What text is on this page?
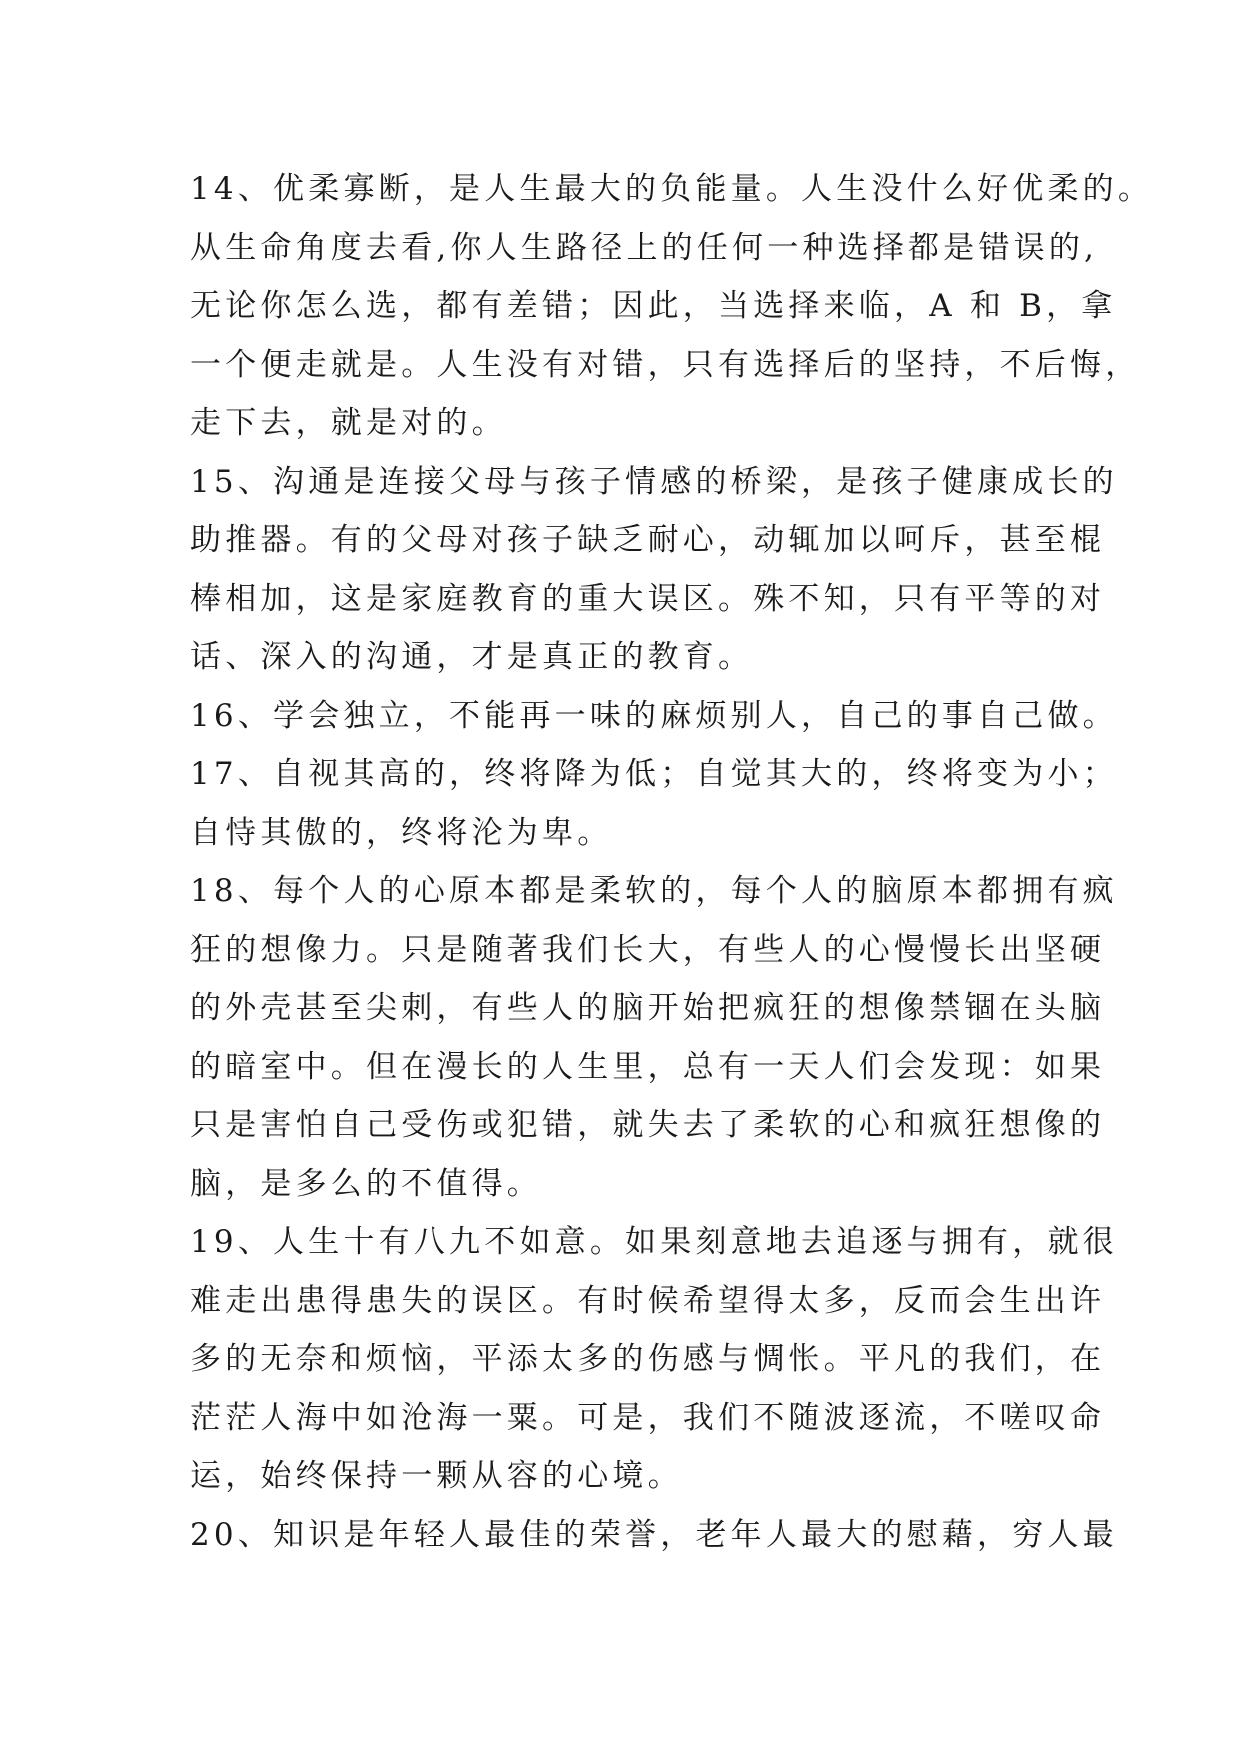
14、优柔寡断，是人生最大的负能量。人生没什么好优柔的。
从生命角度去看,你人生路径上的任何一种选择都是错误的,
无论你怎么选，都有差错；因此，当选择来临，A 和 B，拿
一个便走就是。人生没有对错，只有选择后的坚持，不后悔，
走下去，就是对的。
15、沟通是连接父母与孩子情感的桥梁，是孩子健康成长的
助推器。有的父母对孩子缺乏耐心，动辄加以呵斥，甚至棍
棒相加，这是家庭教育的重大误区。殊不知，只有平等的对
话、深入的沟通，才是真正的教育。
16、学会独立，不能再一味的麻烦别人，自己的事自己做。
17、自视其高的，终将降为低；自觉其大的，终将变为小；
自恃其傲的，终将沦为卑。
18、每个人的心原本都是柔软的，每个人的脑原本都拥有疯
狂的想像力。只是随著我们长大，有些人的心慢慢长出坚硬
的外壳甚至尖刺，有些人的脑开始把疯狂的想像禁锢在头脑
的暗室中。但在漫长的人生里，总有一天人们会发现：如果
只是害怕自己受伤或犯错，就失去了柔软的心和疯狂想像的
脑，是多么的不值得。
19、人生十有八九不如意。如果刻意地去追逐与拥有，就很
难走出患得患失的误区。有时候希望得太多，反而会生出许
多的无奈和烦恼，平添太多的伤感与惆怅。平凡的我们，在
茫茫人海中如沧海一粟。可是，我们不随波逐流，不嗟叹命
运，始终保持一颗从容的心境。
20、知识是年轻人最佳的荣誉，老年人最大的慰藉，穷人最
